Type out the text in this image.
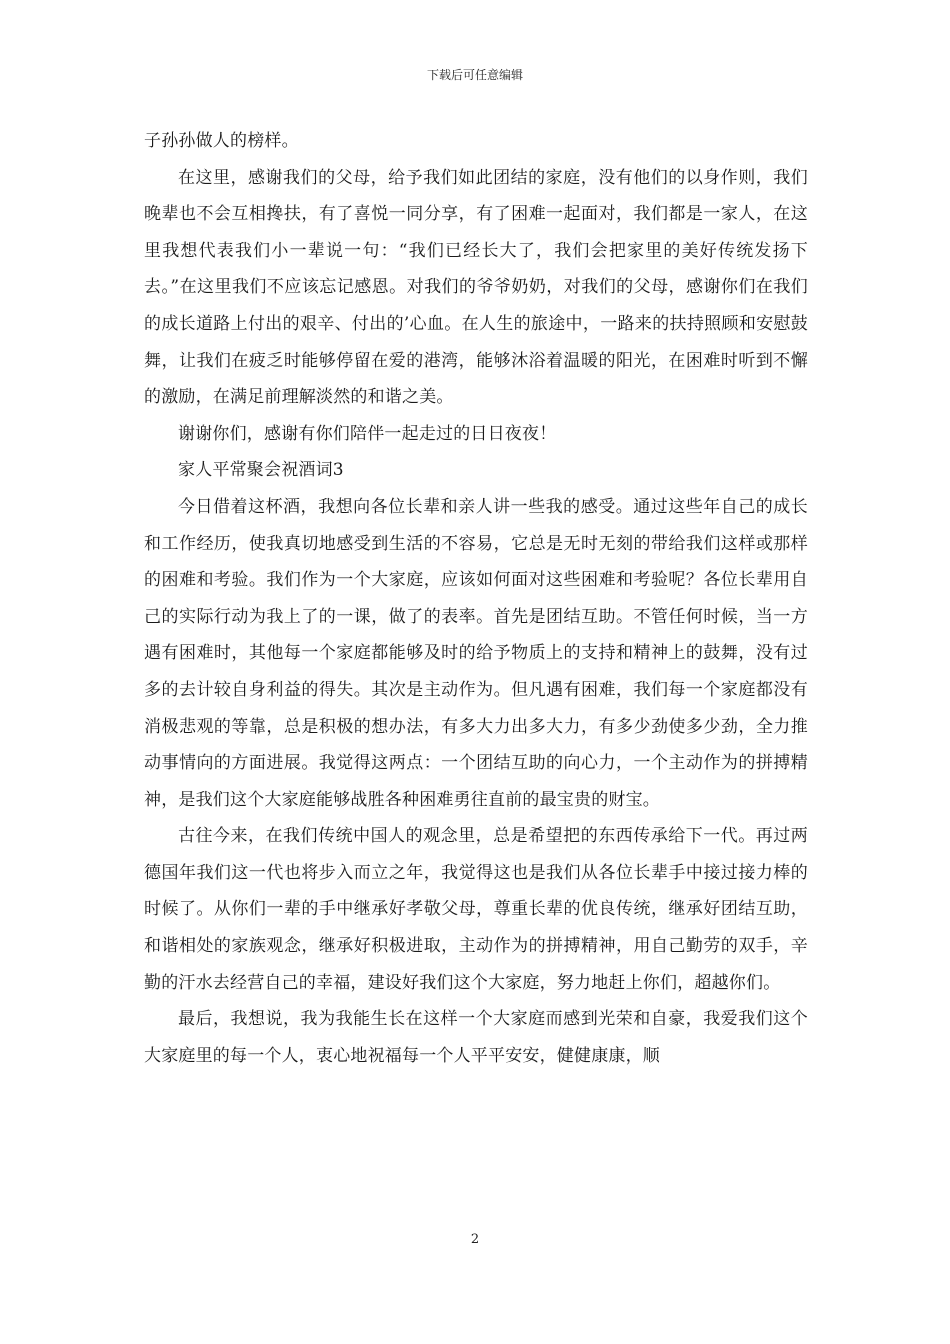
下载后可任意编辑

子孙孙做人的榜样。

在这里，感谢我们的父母，给予我们如此团结的家庭，没有他们的以身作则，我们晚辈也不会互相搀扶，有了喜悦一同分享，有了困难一起面对，我们都是一家人，在这里我想代表我们小一辈说一句：“我们已经长大了，我们会把家里的美好传统发扬下去。”在这里我们不应该忘记感恩。对我们的爷爷奶奶，对我们的父母，感谢你们在我们的成长道路上付出的艰辛、付出的’心血。在人生的旅途中，一路来的扶持照顾和安慰鼓舞，让我们在疲乏时能够停留在爱的港湾，能够沐浴着温暖的阳光，在困难时听到不懈的激励，在满足前理解淡然的和谐之美。

谢谢你们，感谢有你们陪伴一起走过的日日夜夜！

家人平常聚会祝酒词3

今日借着这杯酒，我想向各位长辈和亲人讲一些我的感受。通过这些年自己的成长和工作经历，使我真切地感受到生活的不容易，它总是无时无刻的带给我们这样或那样的困难和考验。我们作为一个大家庭，应该如何面对这些困难和考验呢？各位长辈用自己的实际行动为我上了的一课，做了的表率。首先是团结互助。不管任何时候，当一方遇有困难时，其他每一个家庭都能够及时的给予物质上的支持和精神上的鼓舞，没有过多的去计较自身利益的得失。其次是主动作为。但凡遇有困难，我们每一个家庭都没有消极悲观的等靠，总是积极的想办法，有多大力出多大力，有多少劲使多少劲，全力推动事情向的方面进展。我觉得这两点：一个团结互助的向心力，一个主动作为的拼搏精神，是我们这个大家庭能够战胜各种困难勇往直前的最宝贵的财宝。

古往今来，在我们传统中国人的观念里，总是希望把的东西传承给下一代。再过两德国年我们这一代也将步入而立之年，我觉得这也是我们从各位长辈手中接过接力棒的时候了。从你们一辈的手中继承好孝敬父母，尊重长辈的优良传统，继承好团结互助，和谐相处的家族观念，继承好积极进取，主动作为的拼搏精神，用自己勤劳的双手，辛勤的汗水去经营自己的幸福，建设好我们这个大家庭，努力地赶上你们，超越你们。

最后，我想说，我为我能生长在这样一个大家庭而感到光荣和自豪，我爱我们这个大家庭里的每一个人，衷心地祝福每一个人平平安安，健健康康，顺

2
